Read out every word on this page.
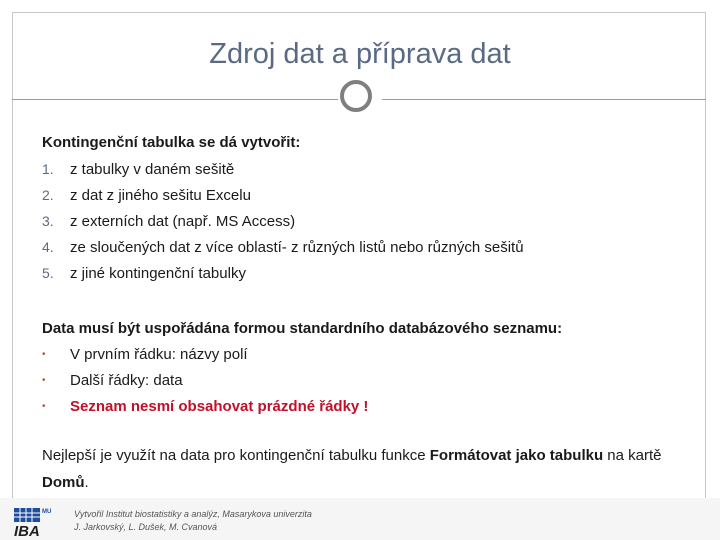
Zdroj dat a příprava dat
Kontingenční tabulka se dá vytvořit:
1. z tabulky v daném sešitě
2. z dat z jiného sešitu Excelu
3. z externích dat (např. MS Access)
4. ze sloučených dat z více oblastí- z různých listů nebo různých sešitů
5. z jiné kontingenční tabulky
Data musí být uspořádána formou standardního databázového seznamu:
• V prvním řádku: názvy polí
• Další řádky: data
• Seznam nesmí obsahovat prázdné řádky !
Nejlepší je využít na data pro kontingenční tabulku funkce Formátovat jako tabulku na kartě Domů.
MU
IBA
Vytvořil Institut biostatistiky a analýz, Masarykova univerzita
J. Jarkovský, L. Dušek, M. Cvanová
